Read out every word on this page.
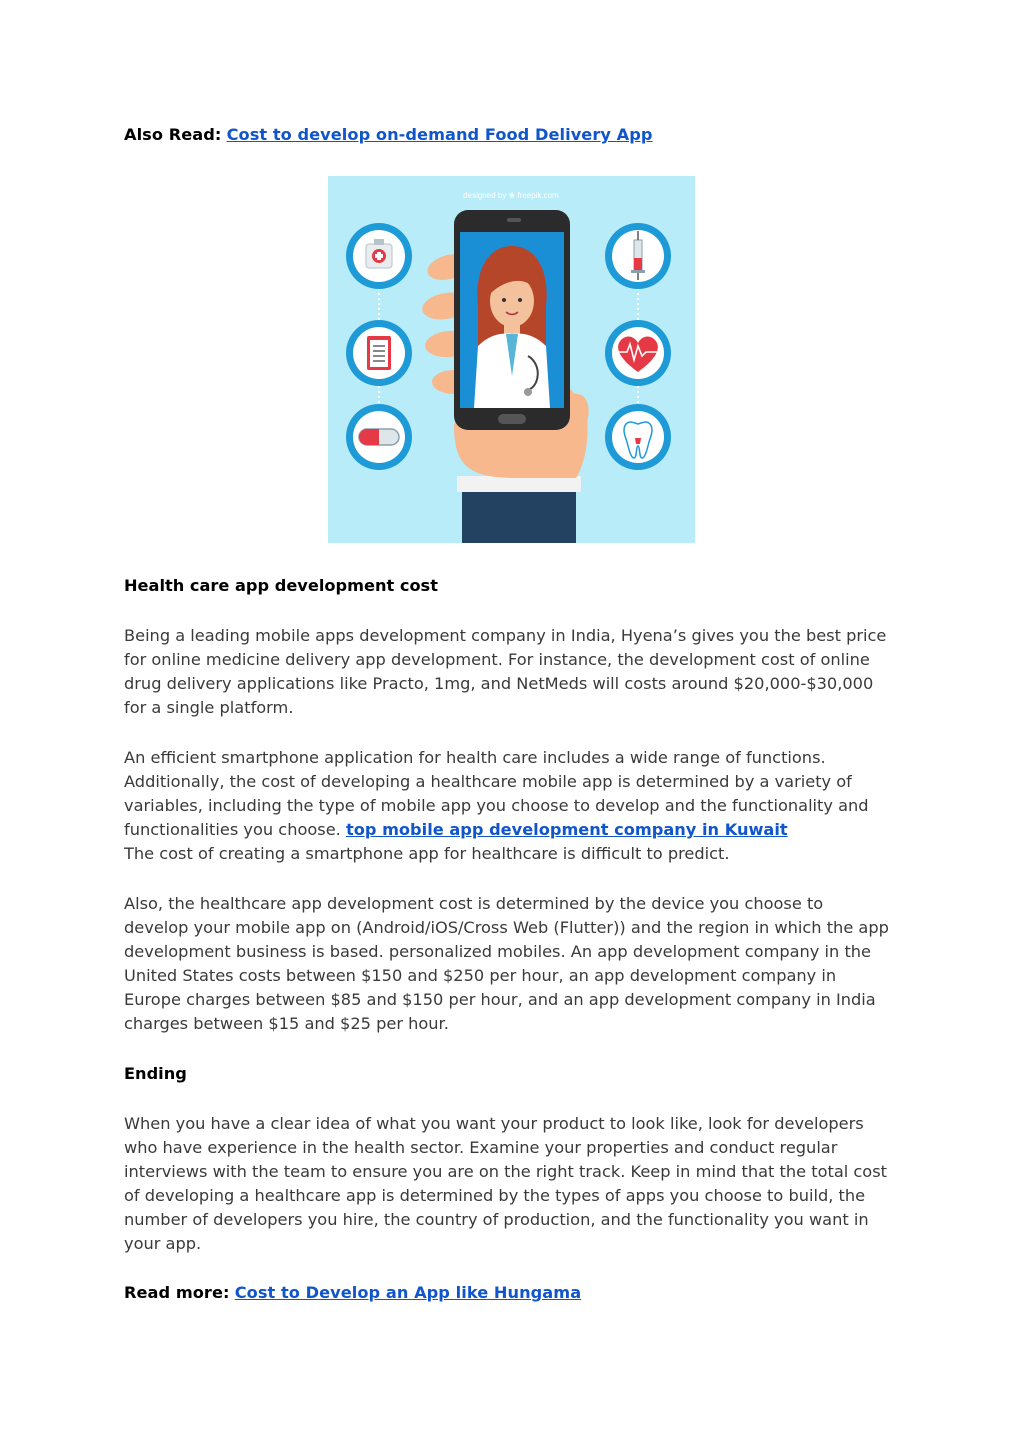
Also Read: Cost to develop on-demand Food Delivery App
Health care app development cost

Being a leading mobile apps development company in India, Hyena’s gives you the best price for online medicine delivery app development. For instance, the development cost of online drug delivery applications like Practo, 1mg, and NetMeds will costs around $20,000-$30,000 for a single platform.

An efficient smartphone application for health care includes a wide range of functions. Additionally, the cost of developing a healthcare mobile app is determined by a variety of variables, including the type of mobile app you choose to develop and the functionality and functionalities you choose. top mobile app development company in Kuwait
The cost of creating a smartphone app for healthcare is difficult to predict.

Also, the healthcare app development cost is determined by the device you choose to develop your mobile app on (Android/iOS/Cross Web (Flutter)) and the region in which the app development business is based. personalized mobiles. An app development company in the United States costs between $150 and $250 per hour, an app development company in Europe charges between $85 and $150 per hour, and an app development company in India charges between $15 and $25 per hour.

Ending

When you have a clear idea of what you want your product to look like, look for developers who have experience in the health sector. Examine your properties and conduct regular interviews with the team to ensure you are on the right track. Keep in mind that the total cost of developing a healthcare app is determined by the types of apps you choose to build, the number of developers you hire, the country of production, and the functionality you want in your app.

Read more: Cost to Develop an App like Hungama
designed by ❀ freepik.com
